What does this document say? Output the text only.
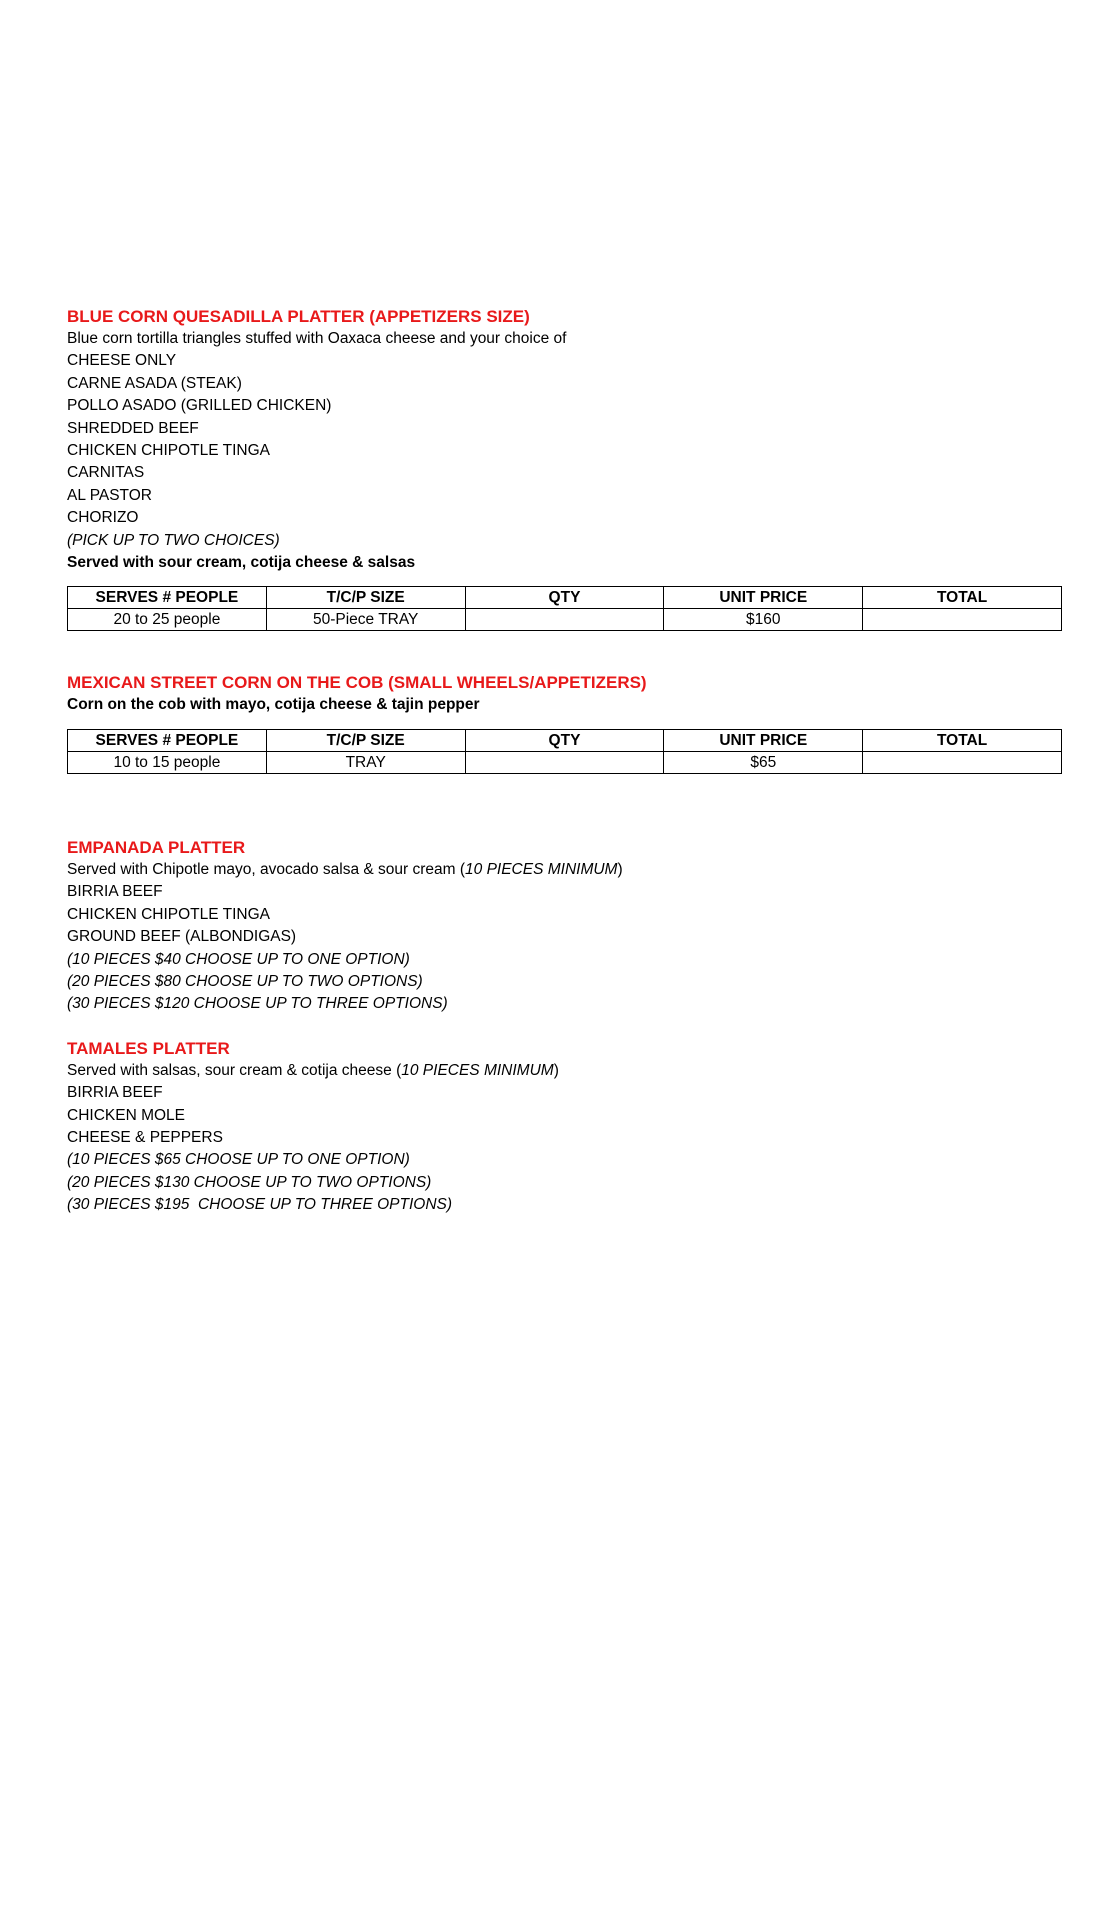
BLUE CORN QUESADILLA PLATTER (APPETIZERS SIZE)

Blue corn tortilla triangles stuffed with Oaxaca cheese and your choice of

CHEESE ONLY

CARNE ASADA (STEAK)

POLLO ASADO (GRILLED CHICKEN)

SHREDDED BEEF

CHICKEN CHIPOTLE TINGA

CARNITAS

AL PASTOR

CHORIZO

(PICK UP TO TWO CHOICES)

Served with sour cream, cotija cheese & salsas

SERVES # PEOPLE	T/C/P SIZE	QTY	UNIT PRICE	TOTAL
20 to 25 people	50-Piece TRAY		$160	

MEXICAN STREET CORN ON THE COB (SMALL WHEELS/APPETIZERS)

Corn on the cob with mayo, cotija cheese & tajin pepper

SERVES # PEOPLE	T/C/P SIZE	QTY	UNIT PRICE	TOTAL
10 to 15 people	TRAY		$65	

EMPANADA PLATTER

Served with Chipotle mayo, avocado salsa & sour cream (10 PIECES MINIMUM)

BIRRIA BEEF

CHICKEN CHIPOTLE TINGA

GROUND BEEF (ALBONDIGAS)

(10 PIECES $40 CHOOSE UP TO ONE OPTION)

(20 PIECES $80 CHOOSE UP TO TWO OPTIONS)

(30 PIECES $120 CHOOSE UP TO THREE OPTIONS)

TAMALES PLATTER

Served with salsas, sour cream & cotija cheese (10 PIECES MINIMUM)

BIRRIA BEEF

CHICKEN MOLE

CHEESE & PEPPERS

(10 PIECES $65 CHOOSE UP TO ONE OPTION)

(20 PIECES $130 CHOOSE UP TO TWO OPTIONS)

(30 PIECES $195  CHOOSE UP TO THREE OPTIONS)
